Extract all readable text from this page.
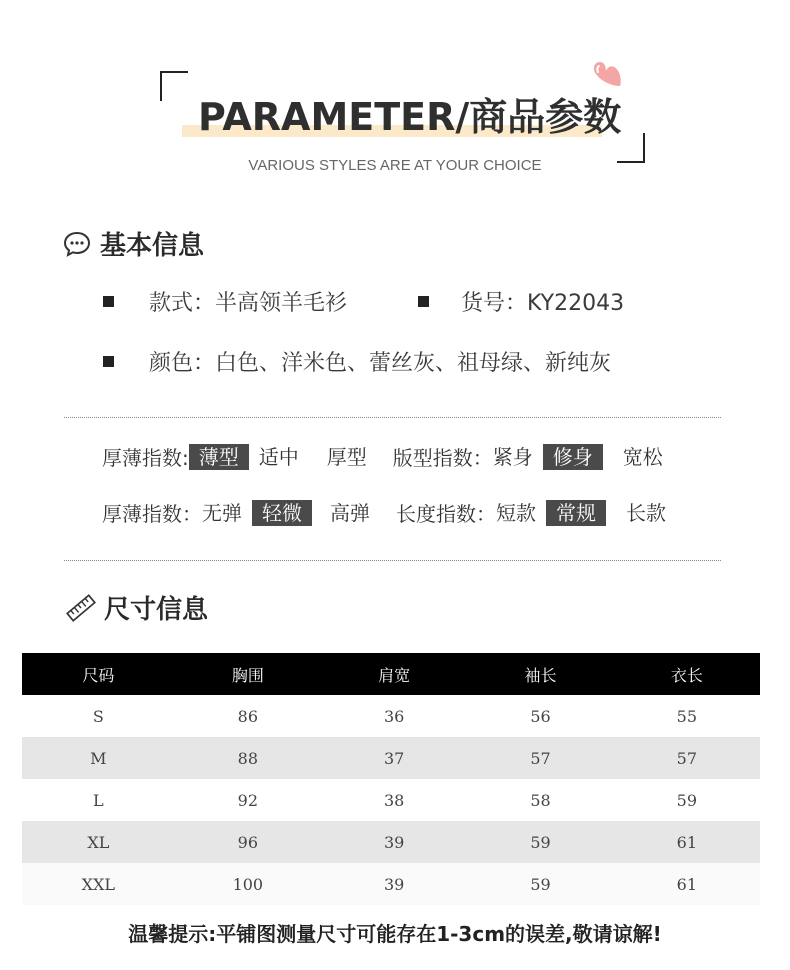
PARAMETER/商品参数
VARIOUS STYLES ARE AT YOUR CHOICE
基本信息
款式：半高领羊毛衫	货号：KY22043
颜色：白色、洋米色、蕾丝灰、祖母绿、新纯灰
厚薄指数: 薄型	适中	厚型	版型指数： 紧身	修身	宽松
厚薄指数： 无弹	轻微	高弹	长度指数： 短款	常规	长款
尺寸信息
尺码	胸围	肩宽	袖长	衣长
S	86	36	56	55
M	88	37	57	57
L	92	38	58	59
XL	96	39	59	61
XXL	100	39	59	61
温馨提示:平铺图测量尺寸可能存在1-3cm的误差,敬请谅解!
